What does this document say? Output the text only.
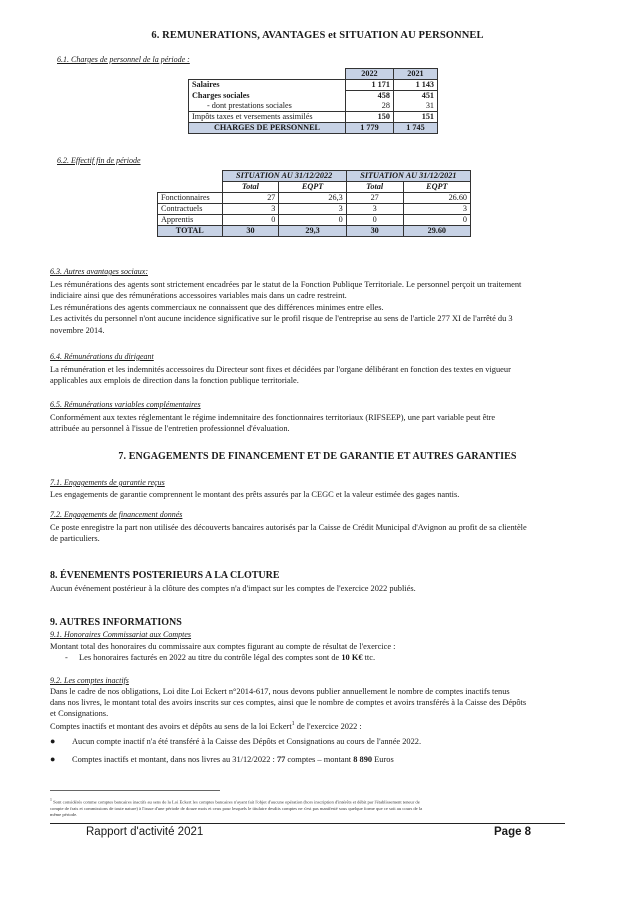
6. REMUNERATIONS, AVANTAGES et SITUATION AU PERSONNEL
6.1. Charges de personnel de la période :
	2022	2021
Salaires	1 171	1 143
Charges sociales	458	451
- dont prestations sociales	28	31
Impôts taxes et versements assimilés	150	151
CHARGES DE PERSONNEL	1 779	1 745
6.2. Effectif fin de période
	SITUATION AU 31/12/2022		SITUATION AU 31/12/2021	
	Total	EQPT	Total	EQPT
Fonctionnaires	27	26,3	27	26.60
Contractuels	3	3	3	3
Apprentis	0	0	0	0
TOTAL	30	29,3	30	29.60
6.3. Autres avantages sociaux:
Les rémunérations des agents sont strictement encadrées par le statut de la Fonction Publique Territoriale. Le personnel perçoit un traitement
indiciaire ainsi que des rémunérations accessoires variables mais dans un cadre restreint.
Les rémunérations des agents commerciaux ne connaissent que des différences minimes entre elles.
Les activités du personnel n'ont aucune incidence significative sur le profil risque de l'entreprise au sens de l'article 277 XI de l'arrêté du 3
novembre 2014.
6.4. Rémunérations du dirigeant
La rémunération et les indemnités accessoires du Directeur sont fixes et décidées par l'organe délibérant en fonction des textes en vigueur
applicables aux emplois de direction dans la fonction publique territoriale.
6.5. Rémunérations variables complémentaires
Conformément aux textes réglementant le régime indemnitaire des fonctionnaires territoriaux (RIFSEEP), une part variable peut être
attribuée au personnel à l'issue de l'entretien professionnel d'évaluation.
7. ENGAGEMENTS DE FINANCEMENT ET DE GARANTIE ET AUTRES GARANTIES
7.1. Engagements de garantie reçus
Les engagements de garantie comprennent le montant des prêts assurés par la CEGC et la valeur estimée des gages nantis.
7.2. Engagements de financement donnés
Ce poste enregistre la part non utilisée des découverts bancaires autorisés par la Caisse de Crédit Municipal d'Avignon au profit de sa clientèle
de particuliers.
8. ÉVENEMENTS POSTERIEURS A LA CLOTURE
Aucun événement postérieur à la clôture des comptes n'a d'impact sur les comptes de l'exercice 2022 publiés.
9. AUTRES INFORMATIONS
9.1. Honoraires Commissariat aux Comptes
Montant total des honoraires du commissaire aux comptes figurant au compte de résultat de l'exercice :
- Les honoraires facturés en 2022 au titre du contrôle légal des comptes sont de 10 K€ ttc.
9.2. Les comptes inactifs
Dans le cadre de nos obligations, Loi dite Loi Eckert n°2014-617, nous devons publier annuellement le nombre de comptes inactifs tenus
dans nos livres, le montant total des avoirs inscrits sur ces comptes, ainsi que le nombre de comptes et avoirs transférés à la Caisse des Dépôts
et Consignations.
Comptes inactifs et montant des avoirs et dépôts au sens de la loi Eckert$^1$ de l'exercice 2022 :
● Aucun compte inactif n'a été transféré à la Caisse des Dépôts et Consignations au cours de l'année 2022.
● Comptes inactifs et montant, dans nos livres au 31/12/2022 : 77 comptes – montant 8 890 Euros
$^1$ Sont considérés comme comptes bancaires inactifs au sens de la Loi Eckert les comptes bancaires n'ayant fait l'objet d'aucune opération (hors inscription d'intérêts et débit par l'établissement teneur de
compte de frais et commissions de toute nature) à l'issue d'une période de douze mois et ceux pour lesquels le titulaire desdits comptes ne s'est pas manifesté sous quelque forme que ce soit au cours de la
même période.
Rapport d'activité 2021	Page 8
